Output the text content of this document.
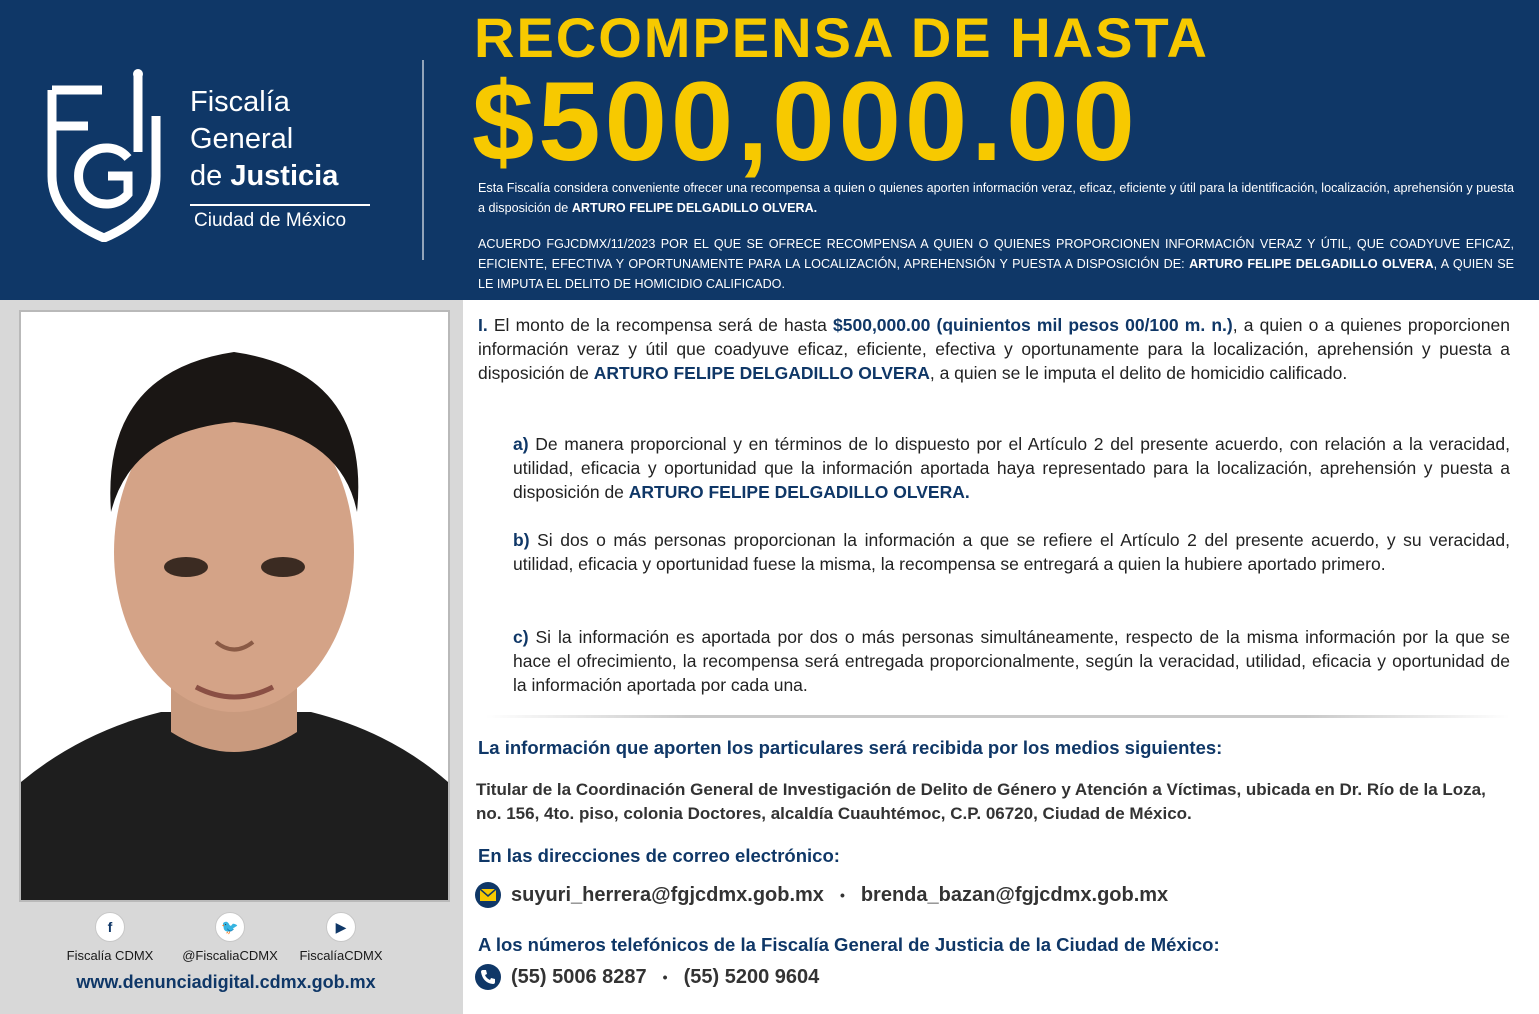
Fiscalía
General
de Justicia
Ciudad de México
RECOMPENSA DE HASTA
$500,000.00
Esta Fiscalía considera conveniente ofrecer una recompensa a quien o quienes aporten información veraz, eficaz, eficiente y útil para la identificación, localización, aprehensión y puesta a disposición de ARTURO FELIPE DELGADILLO OLVERA.
ACUERDO FGJCDMX/11/2023 POR EL QUE SE OFRECE RECOMPENSA A QUIEN O QUIENES PROPORCIONEN INFORMACIÓN VERAZ Y ÚTIL, QUE COADYUVE EFICAZ, EFICIENTE, EFECTIVA Y OPORTUNAMENTE PARA LA LOCALIZACIÓN, APREHENSIÓN Y PUESTA A DISPOSICIÓN DE: ARTURO FELIPE DELGADILLO OLVERA, A QUIEN SE LE IMPUTA EL DELITO DE HOMICIDIO CALIFICADO.
f
Fiscalía CDMX
🐦
@FiscaliaCDMX
▶
FiscalíaCDMX
www.denunciadigital.cdmx.gob.mx
I. El monto de la recompensa será de hasta $500,000.00 (quinientos mil pesos 00/100 m. n.), a quien o a quienes proporcionen información veraz y útil que coadyuve eficaz, eficiente, efectiva y oportunamente para la localización, aprehensión y puesta a disposición de ARTURO FELIPE DELGADILLO OLVERA, a quien se le imputa el delito de homicidio calificado.
a) De manera proporcional y en términos de lo dispuesto por el Artículo 2 del presente acuerdo, con relación a la veracidad, utilidad, eficacia y oportunidad que la información aportada haya representado para la localización, aprehensión y puesta a disposición de ARTURO FELIPE DELGADILLO OLVERA.
b) Si dos o más personas proporcionan la información a que se refiere el Artículo 2 del presente acuerdo, y su veracidad, utilidad, eficacia y oportunidad fuese la misma, la recompensa se entregará a quien la hubiere aportado primero.
c) Si la información es aportada por dos o más personas simultáneamente, respecto de la misma información por la que se hace el ofrecimiento, la recompensa será entregada proporcionalmente, según la veracidad, utilidad, eficacia y oportunidad de la información aportada por cada una.
La información que aporten los particulares será recibida por los medios siguientes:
Titular de la Coordinación General de Investigación de Delito de Género y Atención a Víctimas, ubicada en Dr. Río de la Loza, no. 156, 4to. piso, colonia Doctores, alcaldía Cuauhtémoc, C.P. 06720, Ciudad de México.
En las direcciones de correo electrónico:
suyuri_herrera@fgjcdmx.gob.mx • brenda_bazan@fgjcdmx.gob.mx
A los números telefónicos de la Fiscalía General de Justicia de la Ciudad de México:
(55) 5006 8287 • (55) 5200 9604
